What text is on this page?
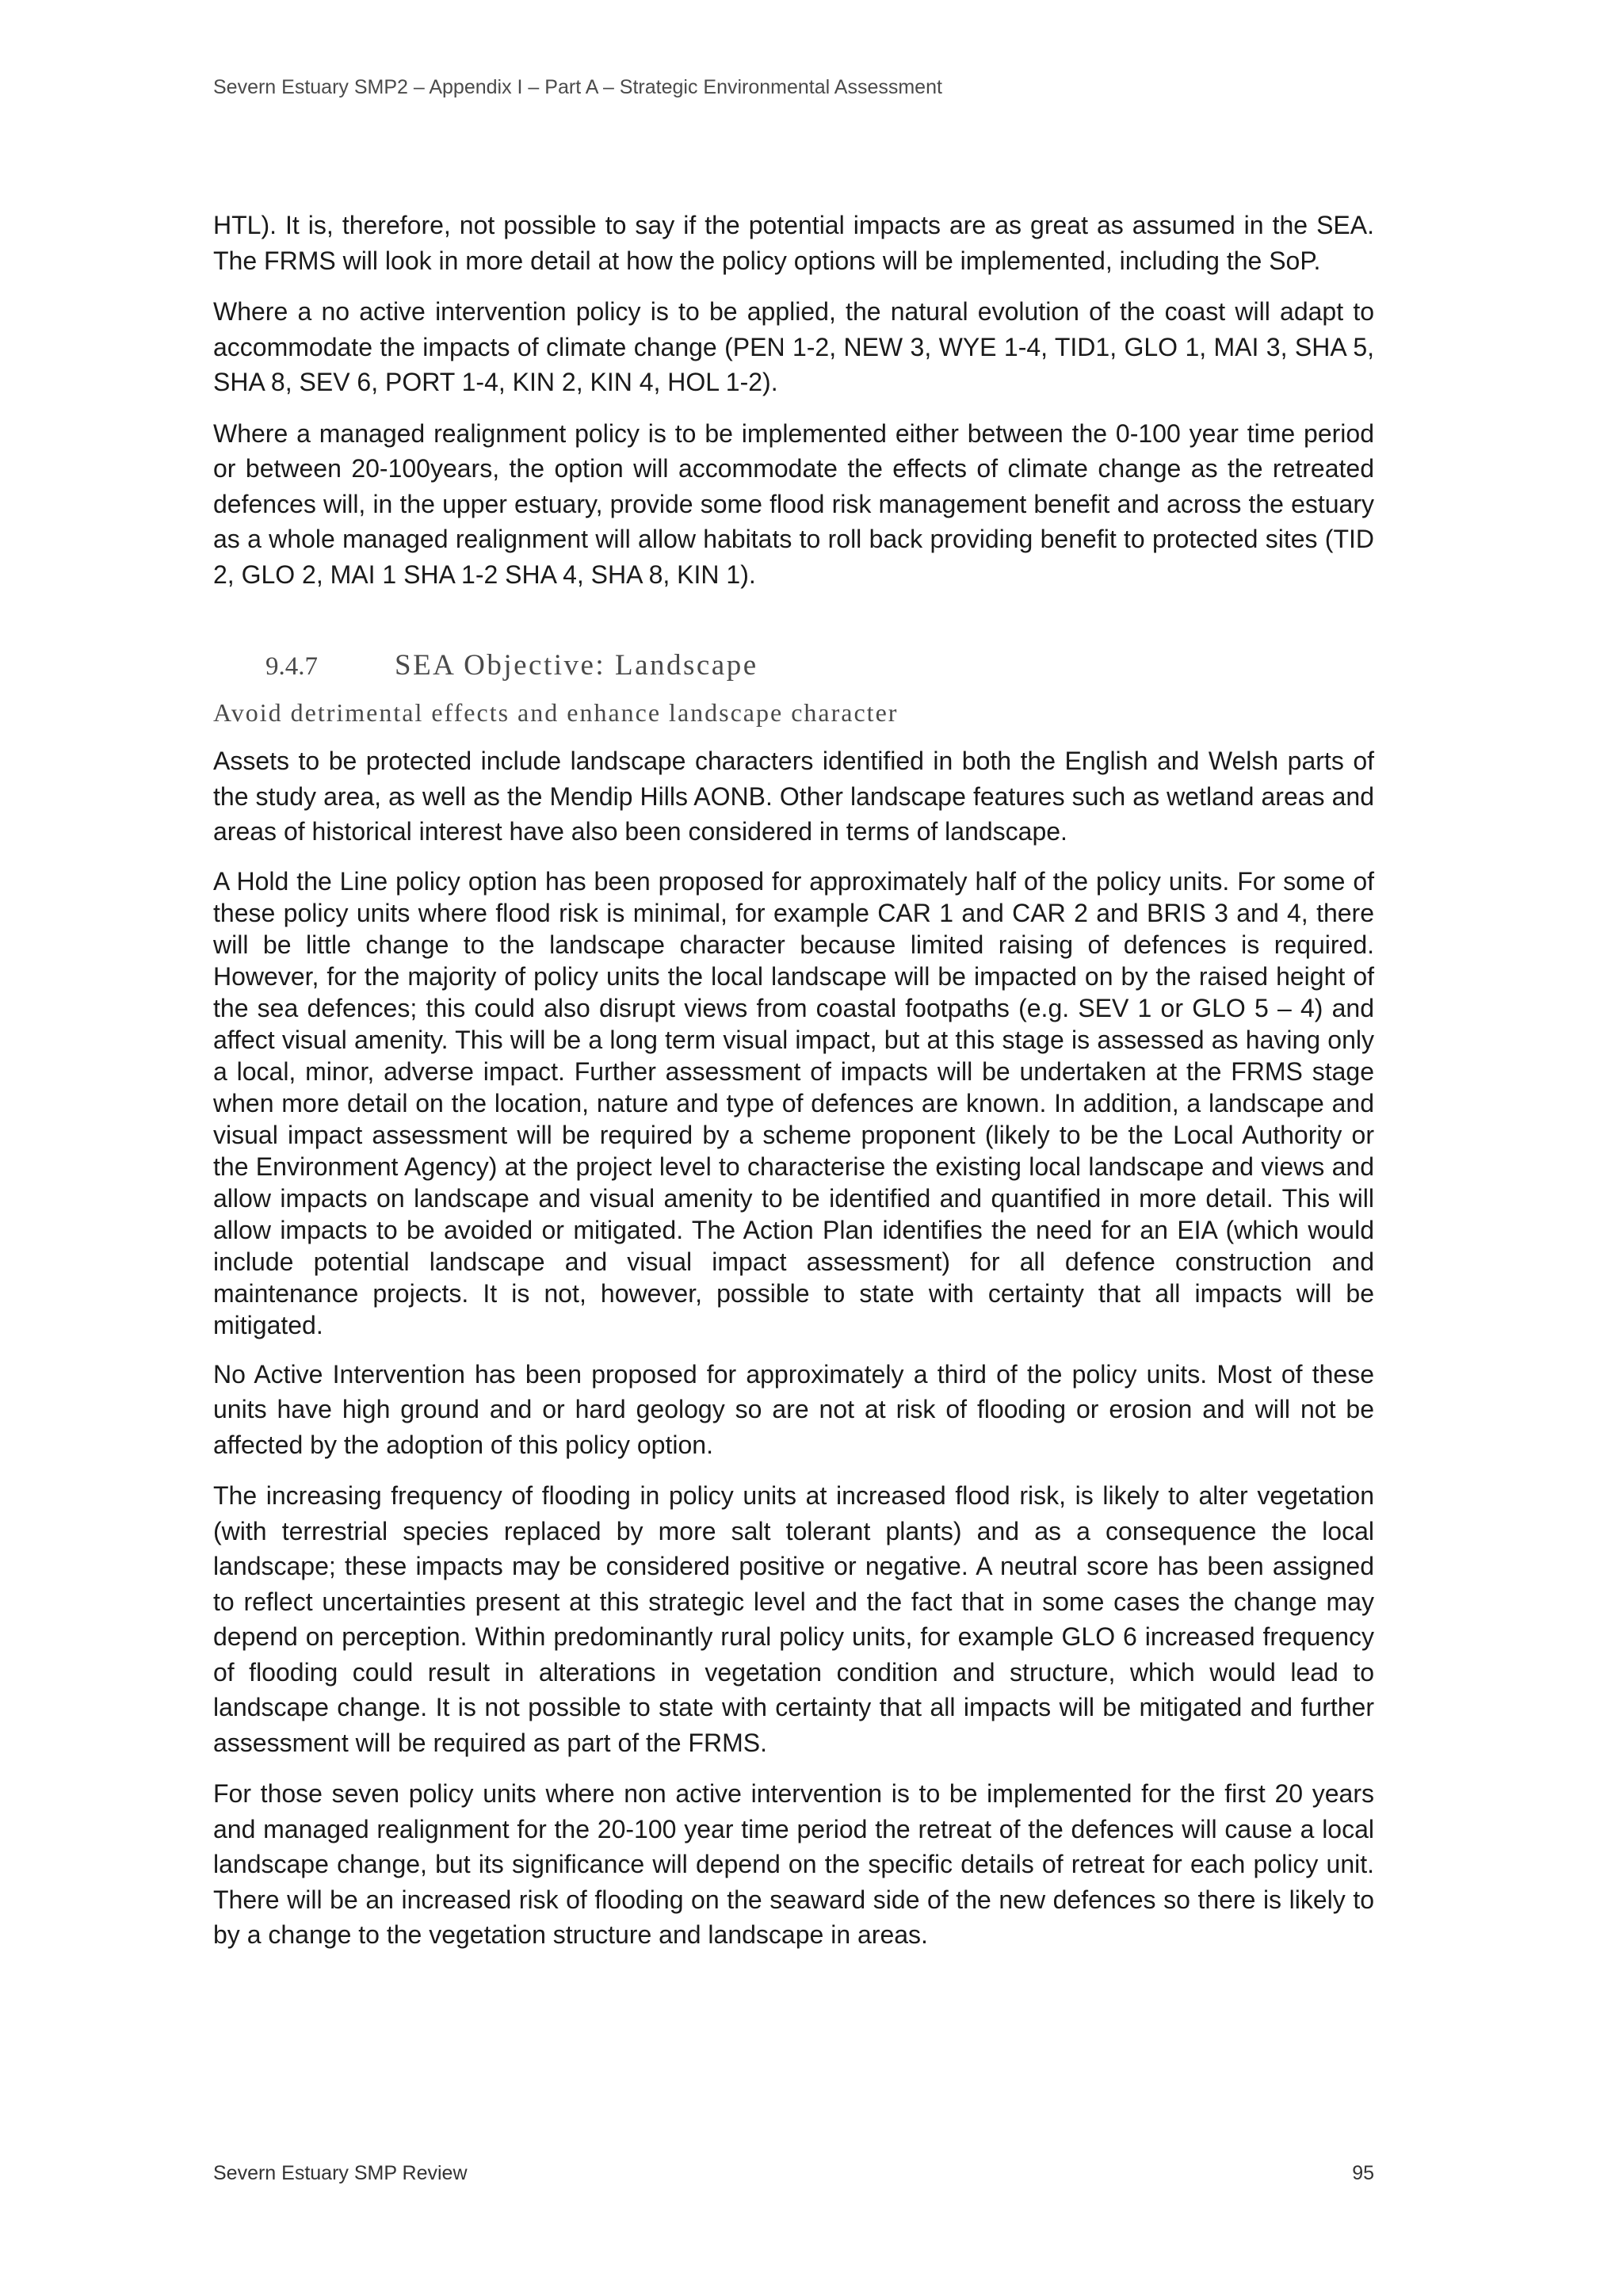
Severn Estuary SMP2 – Appendix I – Part A – Strategic Environmental Assessment

HTL). It is, therefore, not possible to say if the potential impacts are as great as assumed in the SEA. The FRMS will look in more detail at how the policy options will be implemented, including the SoP.

Where a no active intervention policy is to be applied, the natural evolution of the coast will adapt to accommodate the impacts of climate change (PEN 1-2, NEW 3, WYE 1-4, TID1, GLO 1, MAI 3, SHA 5, SHA 8, SEV 6, PORT 1-4, KIN 2, KIN 4, HOL 1-2).

Where a managed realignment policy is to be implemented either between the 0-100 year time period or between 20-100years, the option will accommodate the effects of climate change as the retreated defences will, in the upper estuary, provide some flood risk management benefit and across the estuary as a whole managed realignment will allow habitats to roll back providing benefit to protected sites (TID 2, GLO 2, MAI 1 SHA 1-2 SHA 4, SHA 8, KIN 1).

9.4.7	SEA Objective: Landscape
Avoid detrimental effects and enhance landscape character

Assets to be protected include landscape characters identified in both the English and Welsh parts of the study area, as well as the Mendip Hills AONB. Other landscape features such as wetland areas and areas of historical interest have also been considered in terms of landscape.

A Hold the Line policy option has been proposed for approximately half of the policy units. For some of these policy units where flood risk is minimal, for example CAR 1 and CAR 2 and BRIS 3 and 4, there will be little change to the landscape character because limited raising of defences is required. However, for the majority of policy units the local landscape will be impacted on by the raised height of the sea defences; this could also disrupt views from coastal footpaths (e.g. SEV 1 or GLO 5 – 4) and affect visual amenity. This will be a long term visual impact, but at this stage is assessed as having only a local, minor, adverse impact. Further assessment of impacts will be undertaken at the FRMS stage when more detail on the location, nature and type of defences are known. In addition, a landscape and visual impact assessment will be required by a scheme proponent (likely to be the Local Authority or the Environment Agency) at the project level to characterise the existing local landscape and views and allow impacts on landscape and visual amenity to be identified and quantified in more detail. This will allow impacts to be avoided or mitigated. The Action Plan identifies the need for an EIA (which would include potential landscape and visual impact assessment) for all defence construction and maintenance projects. It is not, however, possible to state with certainty that all impacts will be mitigated.

No Active Intervention has been proposed for approximately a third of the policy units. Most of these units have high ground and or hard geology so are not at risk of flooding or erosion and will not be affected by the adoption of this policy option.

The increasing frequency of flooding in policy units at increased flood risk, is likely to alter vegetation (with terrestrial species replaced by more salt tolerant plants) and as a consequence the local landscape; these impacts may be considered positive or negative. A neutral score has been assigned to reflect uncertainties present at this strategic level and the fact that in some cases the change may depend on perception. Within predominantly rural policy units, for example GLO 6 increased frequency of flooding could result in alterations in vegetation condition and structure, which would lead to landscape change. It is not possible to state with certainty that all impacts will be mitigated and further assessment will be required as part of the FRMS.

For those seven policy units where non active intervention is to be implemented for the first 20 years and managed realignment for the 20-100 year time period the retreat of the defences will cause a local landscape change, but its significance will depend on the specific details of retreat for each policy unit. There will be an increased risk of flooding on the seaward side of the new defences so there is likely to by a change to the vegetation structure and landscape in areas.

Severn Estuary SMP Review	95
